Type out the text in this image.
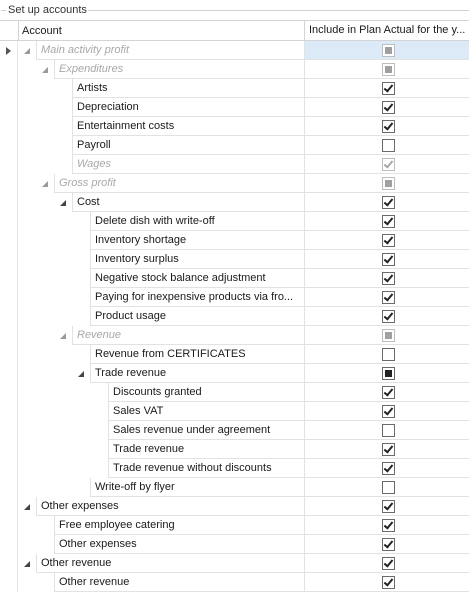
Set up accounts
Account	Include in Plan Actual for the y...
Main activity profit
Expenditures
Artists
Depreciation
Entertainment costs
Payroll
Wages
Gross profit
Cost
Delete dish with write-off
Inventory shortage
Inventory surplus
Negative stock balance adjustment
Paying for inexpensive products via fro...
Product usage
Revenue
Revenue from CERTIFICATES
Trade revenue
Discounts granted
Sales VAT
Sales revenue under agreement
Trade revenue
Trade revenue without discounts
Write-off by flyer
Other expenses
Free employee catering
Other expenses
Other revenue
Other revenue
